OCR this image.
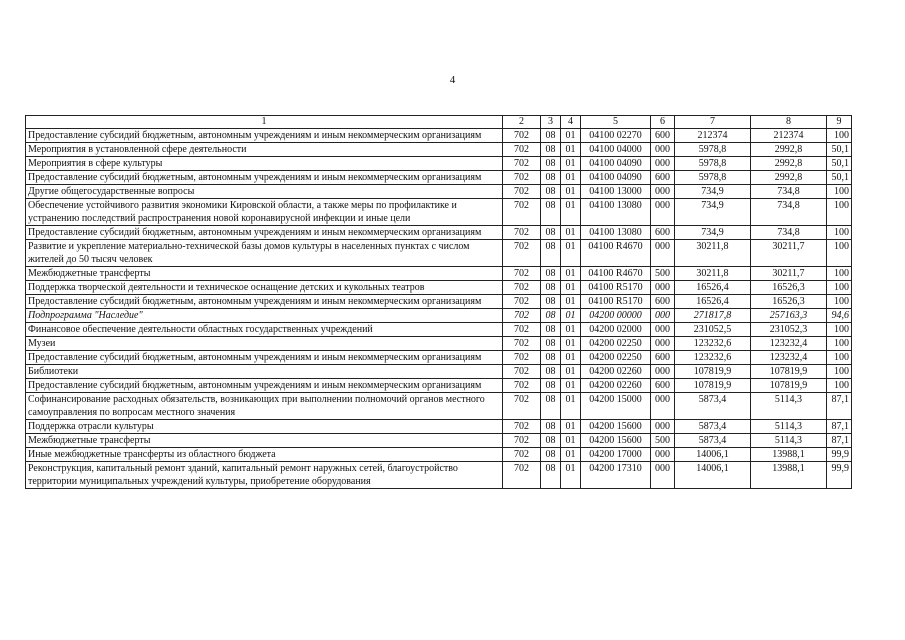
4
1	2	3	4	5	6	7	8	9
Предоставление субсидий бюджетным, автономным учреждениям и иным некоммерческим организациям	702	08	01	04100 02270	600	212374	212374	100
Мероприятия в установленной сфере деятельности	702	08	01	04100 04000	000	5978,8	2992,8	50,1
Мероприятия в сфере культуры	702	08	01	04100 04090	000	5978,8	2992,8	50,1
Предоставление субсидий бюджетным, автономным учреждениям и иным некоммерческим организациям	702	08	01	04100 04090	600	5978,8	2992,8	50,1
Другие общегосударственные вопросы	702	08	01	04100 13000	000	734,9	734,8	100
Обеспечение устойчивого развития экономики Кировской области, а также меры по профилактике и устранению последствий распространения новой коронавирусной инфекции и иные цели	702	08	01	04100 13080	000	734,9	734,8	100
Предоставление субсидий бюджетным, автономным учреждениям и иным некоммерческим организациям	702	08	01	04100 13080	600	734,9	734,8	100
Развитие и укрепление материально-технической базы домов культуры в населенных пунктах с числом жителей до 50 тысяч человек	702	08	01	04100 R4670	000	30211,8	30211,7	100
Межбюджетные трансферты	702	08	01	04100 R4670	500	30211,8	30211,7	100
Поддержка творческой деятельности и техническое оснащение детских и кукольных театров	702	08	01	04100 R5170	000	16526,4	16526,3	100
Предоставление субсидий бюджетным, автономным учреждениям и иным некоммерческим организациям	702	08	01	04100 R5170	600	16526,4	16526,3	100
Подпрограмма "Наследие"	702	08	01	04200 00000	000	271817,8	257163,3	94,6
Финансовое обеспечение деятельности областных государственных учреждений	702	08	01	04200 02000	000	231052,5	231052,3	100
Музеи	702	08	01	04200 02250	000	123232,6	123232,4	100
Предоставление субсидий бюджетным, автономным учреждениям и иным некоммерческим организациям	702	08	01	04200 02250	600	123232,6	123232,4	100
Библиотеки	702	08	01	04200 02260	000	107819,9	107819,9	100
Предоставление субсидий бюджетным, автономным учреждениям и иным некоммерческим организациям	702	08	01	04200 02260	600	107819,9	107819,9	100
Софинансирование расходных обязательств, возникающих при выполнении полномочий органов местного самоуправления по вопросам местного значения	702	08	01	04200 15000	000	5873,4	5114,3	87,1
Поддержка отрасли культуры	702	08	01	04200 15600	000	5873,4	5114,3	87,1
Межбюджетные трансферты	702	08	01	04200 15600	500	5873,4	5114,3	87,1
Иные межбюджетные трансферты из областного бюджета	702	08	01	04200 17000	000	14006,1	13988,1	99,9
Реконструкция, капитальный ремонт зданий, капитальный ремонт наружных сетей, благоустройство территории муниципальных учреждений культуры, приобретение оборудования	702	08	01	04200 17310	000	14006,1	13988,1	99,9
